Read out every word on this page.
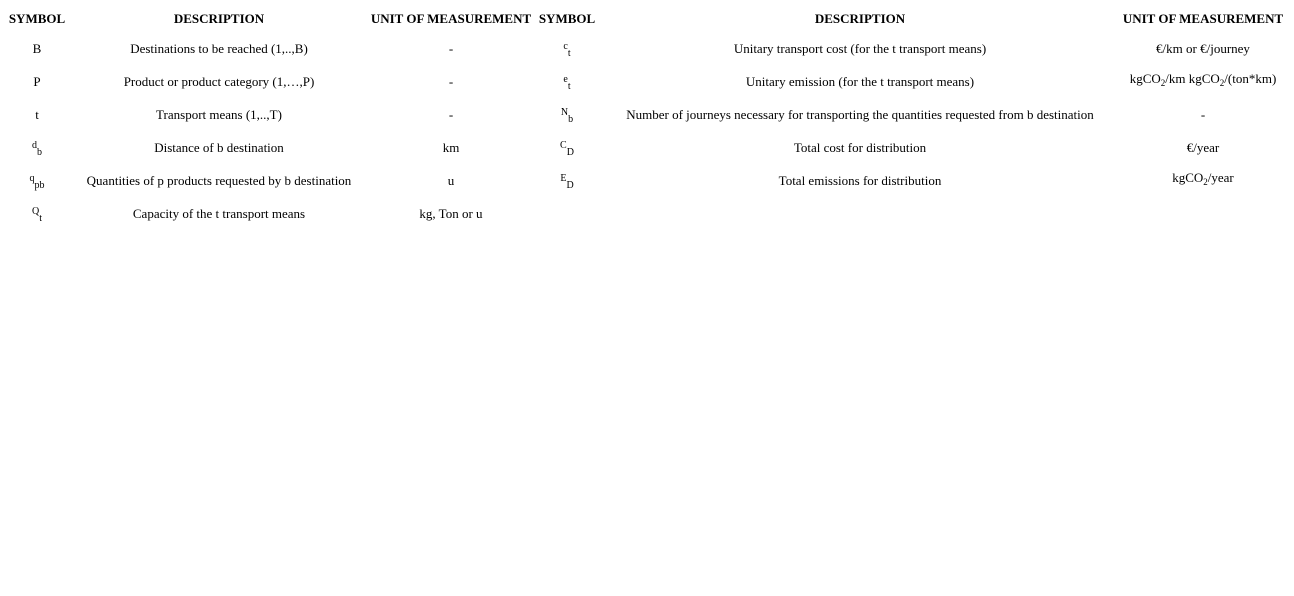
SYMBOL	DESCRIPTION	UNIT OF MEASUREMENT	SYMBOL	DESCRIPTION	UNIT OF MEASUREMENT
B	Destinations to be reached (1,..,B)	-	$^c_t$	Unitary transport cost (for the t transport means)	€/km or €/journey
P	Product or product category (1,…,P)	-	$^e_t$	Unitary emission (for the t transport means)	kgCO$_2$/km kgCO$_2$/(ton*km)
t	Transport means (1,..,T)	-	$^N_b$	Number of journeys necessary for transporting the quantities requested from b destination	-
$^d_b$	Distance of b destination	km	$^C_D$	Total cost for distribution	€/year
$^q_{pb}$	Quantities of p products requested by b destination	u	$^E_D$	Total emissions for distribution	kgCO$_2$/year
$^Q_t$	Capacity of the t transport means	kg, Ton or u			
